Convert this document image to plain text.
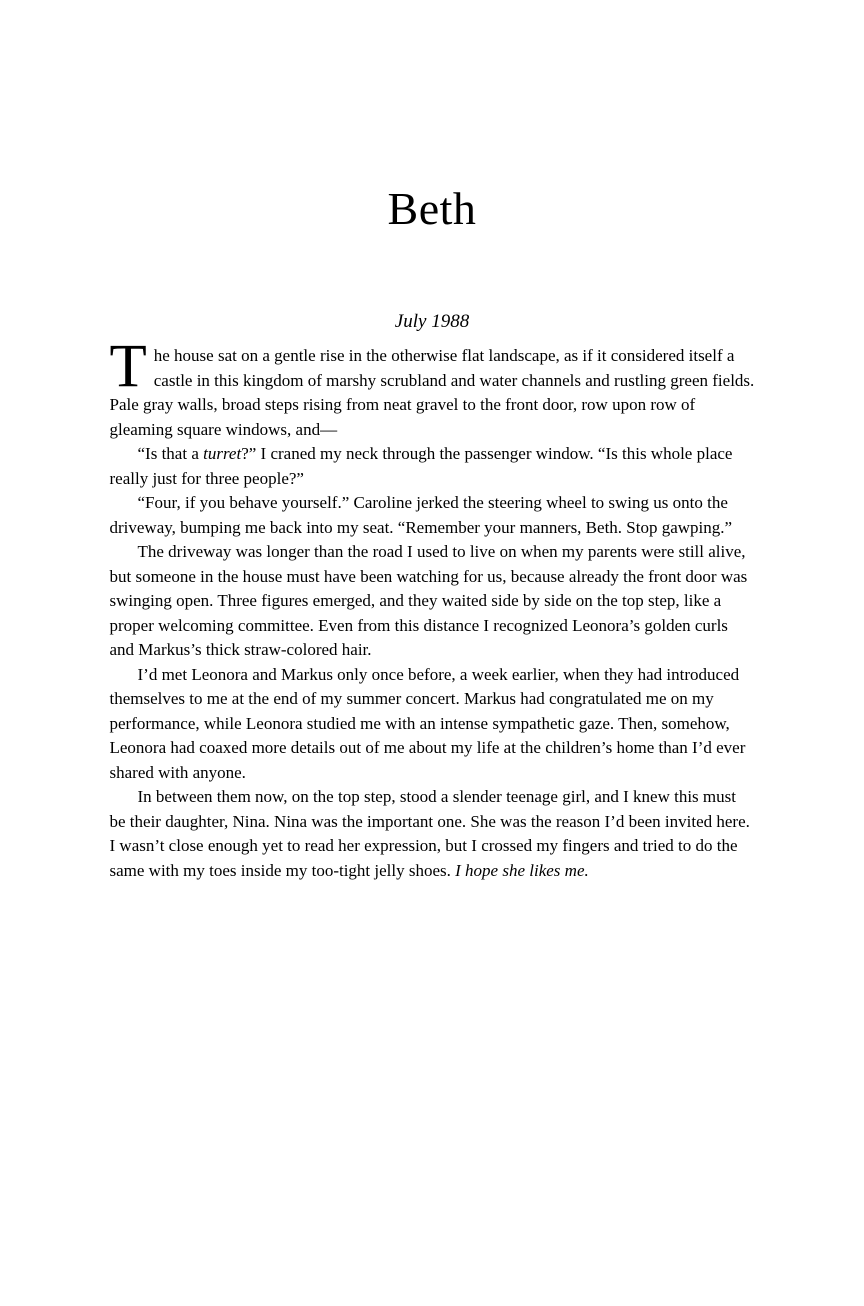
Beth
July 1988

The house sat on a gentle rise in the otherwise flat landscape, as if it considered itself a castle in this kingdom of marshy scrubland and water channels and rustling green fields. Pale gray walls, broad steps rising from neat gravel to the front door, row upon row of gleaming square windows, and—

“Is that a turret?” I craned my neck through the passenger window. “Is this whole place really just for three people?”

“Four, if you behave yourself.” Caroline jerked the steering wheel to swing us onto the driveway, bumping me back into my seat. “Remember your manners, Beth. Stop gawping.”

The driveway was longer than the road I used to live on when my parents were still alive, but someone in the house must have been watching for us, because already the front door was swinging open. Three figures emerged, and they waited side by side on the top step, like a proper welcoming committee. Even from this distance I recognized Leonora’s golden curls and Markus’s thick straw-colored hair.

I’d met Leonora and Markus only once before, a week earlier, when they had introduced themselves to me at the end of my summer concert. Markus had congratulated me on my performance, while Leonora studied me with an intense sympathetic gaze. Then, somehow, Leonora had coaxed more details out of me about my life at the children’s home than I’d ever shared with anyone.

In between them now, on the top step, stood a slender teenage girl, and I knew this must be their daughter, Nina. Nina was the important one. She was the reason I’d been invited here. I wasn’t close enough yet to read her expression, but I crossed my fingers and tried to do the same with my toes inside my too-tight jelly shoes. I hope she likes me.
